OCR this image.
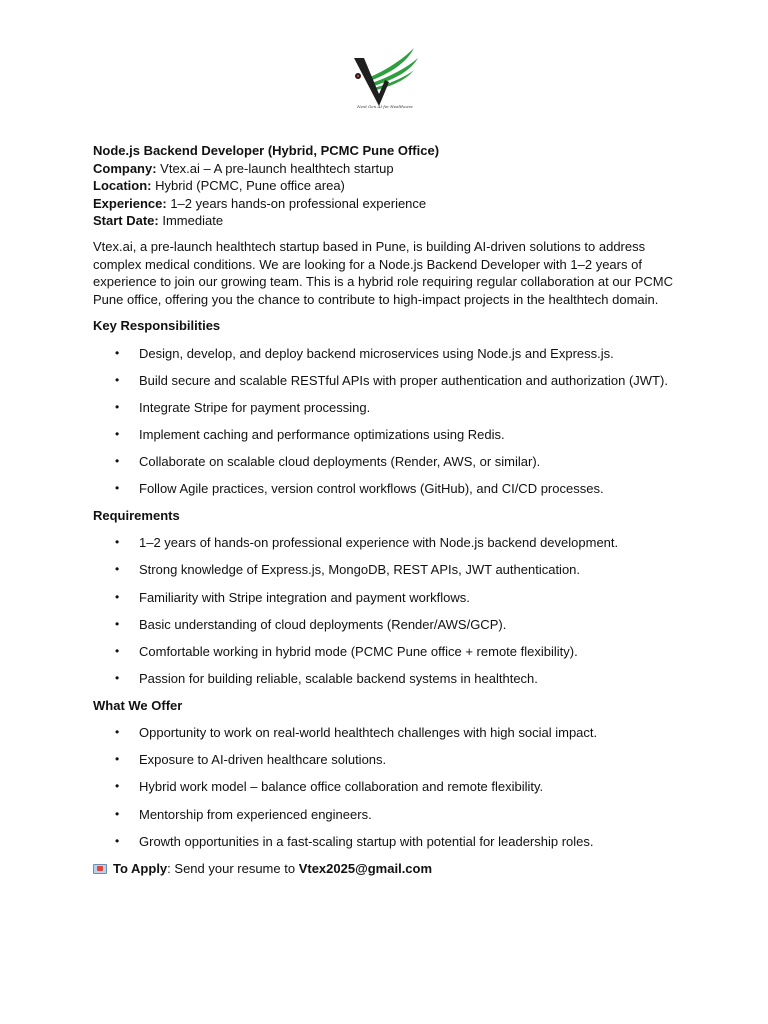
Next Gen AI for Healthcare

Node.js Backend Developer (Hybrid, PCMC Pune Office)

Company: Vtex.ai – A pre-launch healthtech startup

Location: Hybrid (PCMC, Pune office area)

Experience: 1–2 years hands-on professional experience

Start Date: Immediate

Vtex.ai, a pre-launch healthtech startup based in Pune, is building AI-driven solutions to address complex medical conditions. We are looking for a Node.js Backend Developer with 1–2 years of experience to join our growing team. This is a hybrid role requiring regular collaboration at our PCMC Pune office, offering you the chance to contribute to high-impact projects in the healthtech domain.

Key Responsibilities

• Design, develop, and deploy backend microservices using Node.js and Express.js.
• Build secure and scalable RESTful APIs with proper authentication and authorization (JWT).
• Integrate Stripe for payment processing.
• Implement caching and performance optimizations using Redis.
• Collaborate on scalable cloud deployments (Render, AWS, or similar).
• Follow Agile practices, version control workflows (GitHub), and CI/CD processes.

Requirements

• 1–2 years of hands-on professional experience with Node.js backend development.
• Strong knowledge of Express.js, MongoDB, REST APIs, JWT authentication.
• Familiarity with Stripe integration and payment workflows.
• Basic understanding of cloud deployments (Render/AWS/GCP).
• Comfortable working in hybrid mode (PCMC Pune office + remote flexibility).
• Passion for building reliable, scalable backend systems in healthtech.

What We Offer

• Opportunity to work on real-world healthtech challenges with high social impact.
• Exposure to AI-driven healthcare solutions.
• Hybrid work model – balance office collaboration and remote flexibility.
• Mentorship from experienced engineers.
• Growth opportunities in a fast-scaling startup with potential for leadership roles.

To Apply: Send your resume to Vtex2025@gmail.com
